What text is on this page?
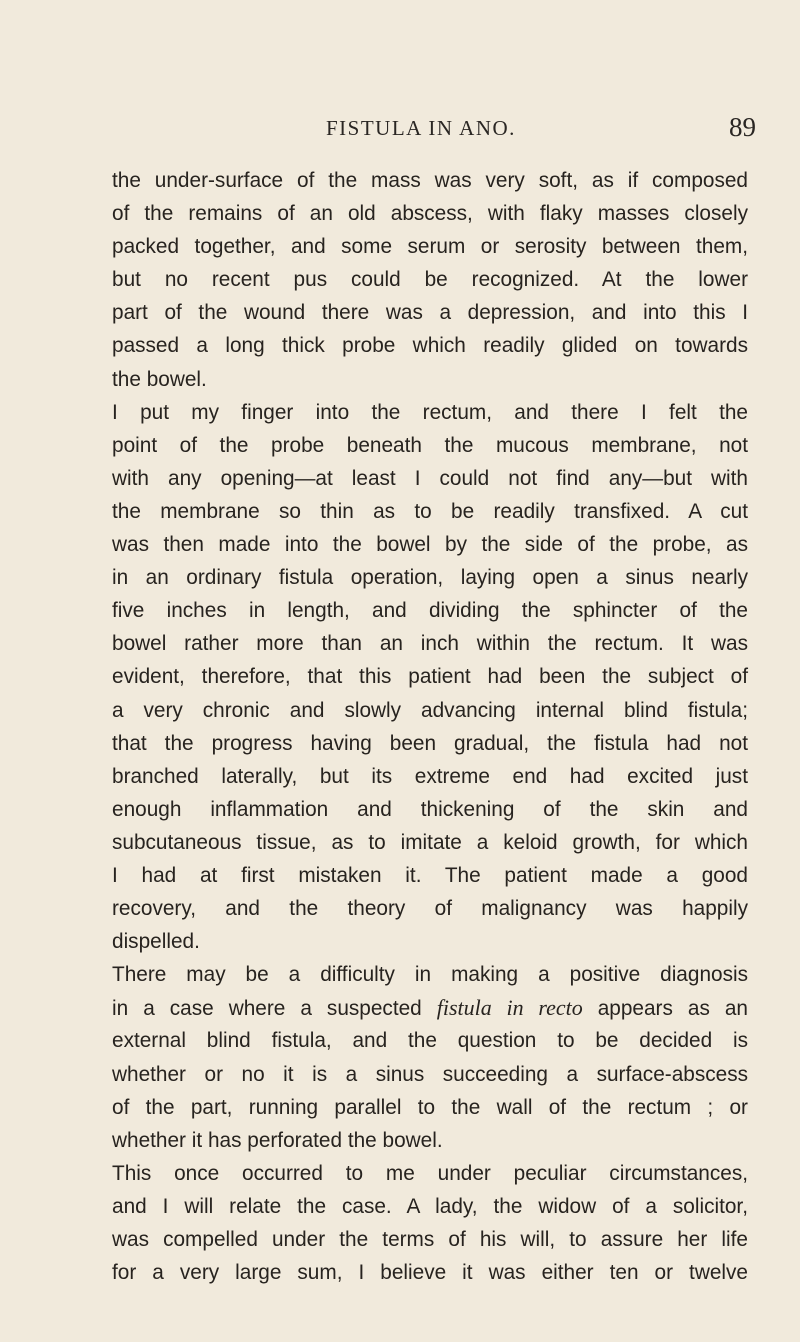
FISTULA IN ANO.	89
the under-surface of the mass was very soft, as if composed
of the remains of an old abscess, with flaky masses closely
packed together, and some serum or serosity between them,
but no recent pus could be recognized. At the lower
part of the wound there was a depression, and into this I
passed a long thick probe which readily glided on towards
the bowel.
I put my finger into the rectum, and there I felt the
point of the probe beneath the mucous membrane, not
with any opening—at least I could not find any—but with
the membrane so thin as to be readily transfixed. A cut
was then made into the bowel by the side of the probe, as
in an ordinary fistula operation, laying open a sinus nearly
five inches in length, and dividing the sphincter of the
bowel rather more than an inch within the rectum. It was
evident, therefore, that this patient had been the subject of
a very chronic and slowly advancing internal blind fistula;
that the progress having been gradual, the fistula had not
branched laterally, but its extreme end had excited just
enough inflammation and thickening of the skin and
subcutaneous tissue, as to imitate a keloid growth, for which
I had at first mistaken it. The patient made a good
recovery, and the theory of malignancy was happily
dispelled.
There may be a difficulty in making a positive diagnosis
in a case where a suspected fistula in recto appears as an
external blind fistula, and the question to be decided is
whether or no it is a sinus succeeding a surface-abscess
of the part, running parallel to the wall of the rectum ; or
whether it has perforated the bowel.
This once occurred to me under peculiar circumstances,
and I will relate the case. A lady, the widow of a solicitor,
was compelled under the terms of his will, to assure her life
for a very large sum, I believe it was either ten or twelve
